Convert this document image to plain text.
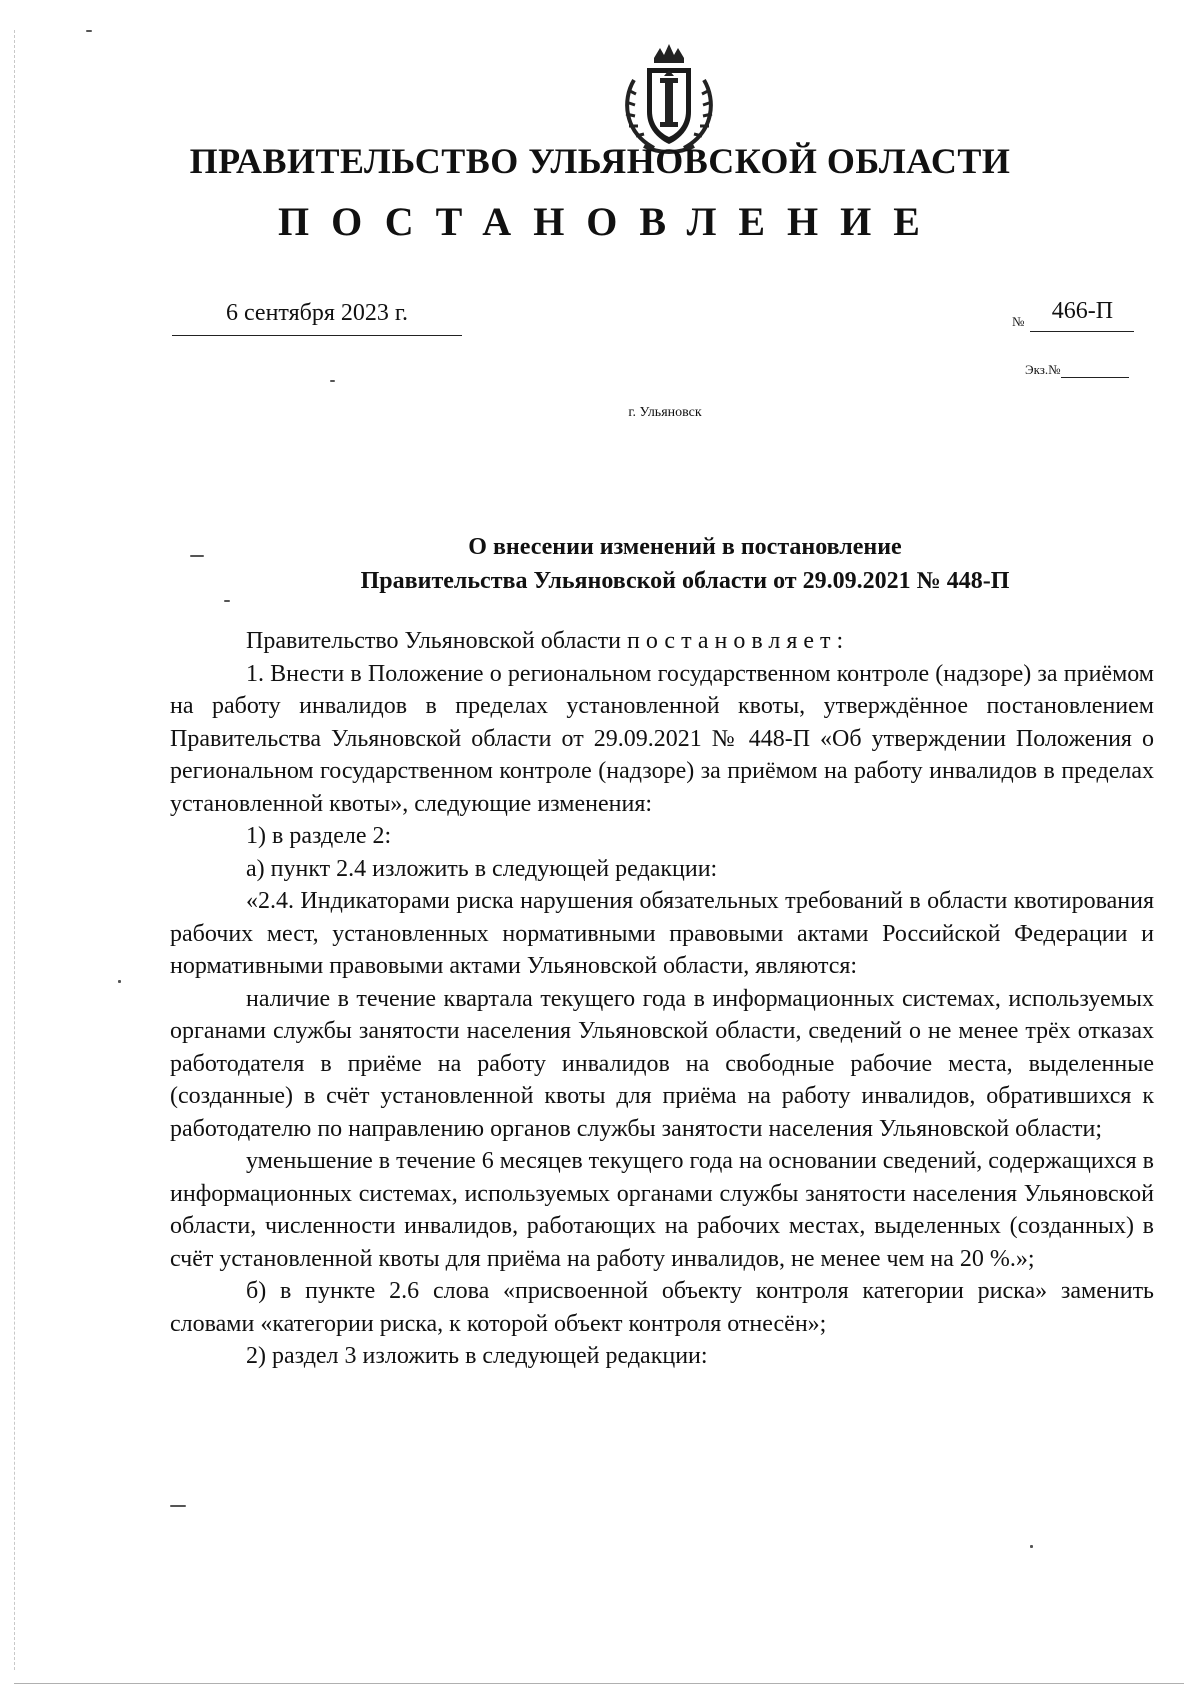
ПРАВИТЕЛЬСТВО УЛЬЯНОВСКОЙ ОБЛАСТИ
ПОСТАНОВЛЕНИЕ
6 сентября 2023 г.	№	466-П
Экз.№
г. Ульяновск
О внесении изменений в постановление
Правительства Ульяновской области от 29.09.2021 № 448-П

Правительство Ульяновской области постановляет:

1. Внести в Положение о региональном государственном контроле (надзоре) за приёмом на работу инвалидов в пределах установленной квоты, утверждённое постановлением Правительства Ульяновской области от 29.09.2021 № 448-П «Об утверждении Положения о региональном государственном контроле (надзоре) за приёмом на работу инвалидов в пределах установленной квоты», следующие изменения:

1) в разделе 2:

а) пункт 2.4 изложить в следующей редакции:

«2.4. Индикаторами риска нарушения обязательных требований в области квотирования рабочих мест, установленных нормативными правовыми актами Российской Федерации и нормативными правовыми актами Ульяновской области, являются:

наличие в течение квартала текущего года в информационных системах, используемых органами службы занятости населения Ульяновской области, сведений о не менее трёх отказах работодателя в приёме на работу инвалидов на свободные рабочие места, выделенные (созданные) в счёт установленной квоты для приёма на работу инвалидов, обратившихся к работодателю по направлению органов службы занятости населения Ульяновской области;

уменьшение в течение 6 месяцев текущего года на основании сведений, содержащихся в информационных системах, используемых органами службы занятости населения Ульяновской области, численности инвалидов, работающих на рабочих местах, выделенных (созданных) в счёт установленной квоты для приёма на работу инвалидов, не менее чем на 20 %.»;

б) в пункте 2.6 слова «присвоенной объекту контроля категории риска» заменить словами «категории риска, к которой объект контроля отнесён»;

2) раздел 3 изложить в следующей редакции:
